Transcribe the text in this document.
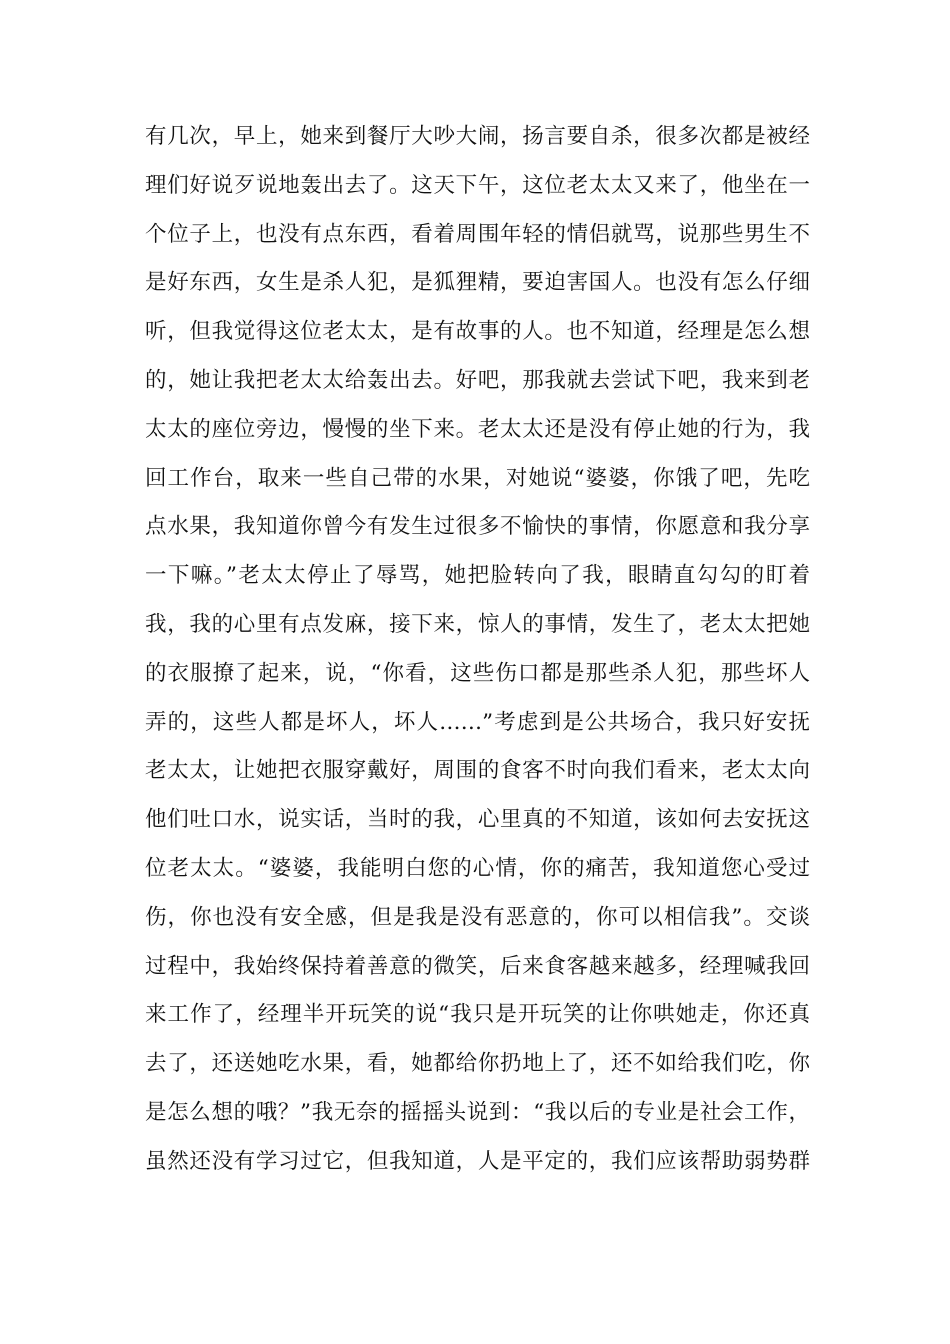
有几次，早上，她来到餐厅大吵大闹，扬言要自杀，很多次都是被经
理们好说歹说地轰出去了。这天下午，这位老太太又来了，他坐在一
个位子上，也没有点东西，看着周围年轻的情侣就骂，说那些男生不
是好东西，女生是杀人犯，是狐狸精，要迫害国人。也没有怎么仔细
听，但我觉得这位老太太，是有故事的人。也不知道，经理是怎么想
的，她让我把老太太给轰出去。好吧，那我就去尝试下吧，我来到老
太太的座位旁边，慢慢的坐下来。老太太还是没有停止她的行为，我
回工作台，取来一些自己带的水果，对她说“婆婆，你饿了吧，先吃
点水果，我知道你曾今有发生过很多不愉快的事情，你愿意和我分享
一下嘛。”老太太停止了辱骂，她把脸转向了我，眼睛直勾勾的盯着
我，我的心里有点发麻，接下来，惊人的事情，发生了，老太太把她
的衣服撩了起来，说，“你看，这些伤口都是那些杀人犯，那些坏人
弄的，这些人都是坏人，坏人……”考虑到是公共场合，我只好安抚
老太太，让她把衣服穿戴好，周围的食客不时向我们看来，老太太向
他们吐口水，说实话，当时的我，心里真的不知道，该如何去安抚这
位老太太。“婆婆，我能明白您的心情，你的痛苦，我知道您心受过
伤，你也没有安全感，但是我是没有恶意的，你可以相信我”。交谈
过程中，我始终保持着善意的微笑，后来食客越来越多，经理喊我回
来工作了，经理半开玩笑的说“我只是开玩笑的让你哄她走，你还真
去了，还送她吃水果，看，她都给你扔地上了，还不如给我们吃，你
是怎么想的哦？”我无奈的摇摇头说到：“我以后的专业是社会工作，
虽然还没有学习过它，但我知道，人是平定的，我们应该帮助弱势群
